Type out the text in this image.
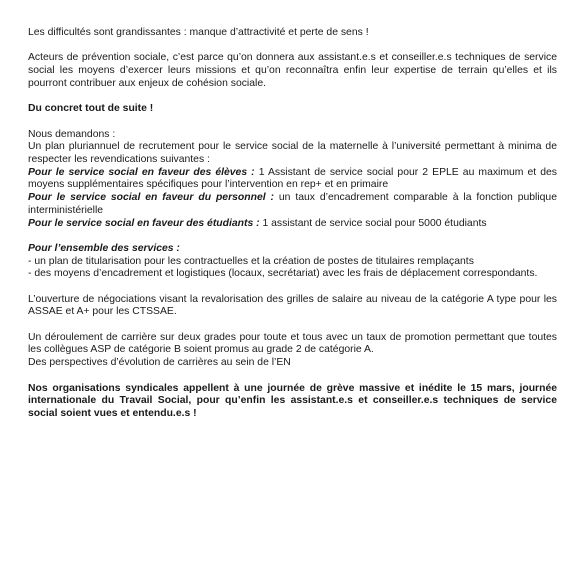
Les difficultés sont grandissantes : manque d’attractivité et perte de sens !

Acteurs de prévention sociale, c’est parce qu’on donnera aux assistant.e.s et conseiller.e.s techniques de service social les moyens d’exercer leurs missions et qu’on reconnaîtra enfin leur expertise de terrain qu’elles et ils pourront contribuer aux enjeux de cohésion sociale.

Du concret tout de suite !

Nous demandons :
Un plan pluriannuel de recrutement pour le service social de la maternelle à l’université permettant à minima de respecter les revendications suivantes :
Pour le service social en faveur des élèves : 1 Assistant de service social pour 2 EPLE au maximum et des moyens supplémentaires spécifiques pour l’intervention en rep+ et en primaire
Pour le service social en faveur du personnel : un taux d’encadrement comparable à la fonction publique interministérielle
Pour le service social en faveur des étudiants : 1 assistant de service social pour 5000 étudiants

Pour l’ensemble des services :
- un plan de titularisation pour les contractuelles et la création de postes de titulaires remplaçants
- des moyens d’encadrement et logistiques (locaux, secrétariat) avec les frais de déplacement correspondants.

L’ouverture de négociations visant la revalorisation des grilles de salaire au niveau de la catégorie A type pour les ASSAE et A+ pour les CTSSAE.

Un déroulement de carrière sur deux grades pour toute et tous avec un taux de promotion permettant que toutes les collègues ASP de catégorie B soient promus au grade 2 de catégorie A.
Des perspectives d’évolution de carrières au sein de l’EN

Nos organisations syndicales appellent à une journée de grève massive et inédite le 15 mars, journée internationale du Travail Social, pour qu’enfin les assistant.e.s et conseiller.e.s techniques de service social soient vues et entendu.e.s !
